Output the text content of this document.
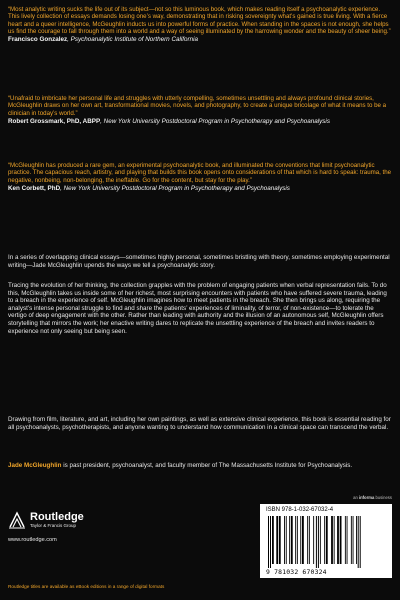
“Most analytic writing sucks the life out of its subject—not so this luminous book, which makes reading itself a psychoanalytic experience. This lively collection of essays demands losing one’s way, demonstrating that in risking sovereignty what’s gained is true living. With a fierce heart and a queer intelligence, McGeughlin inducts us into powerful forms of practice. When standing in the spaces is not enough, she helps us find the courage to fall through them into a world and a way of seeing illuminated by the harrowing wonder and the beauty of sheer being.”

Francisco Gonzalez, Psychoanalytic Institute of Northern California

“Unafraid to imbricate her personal life and struggles with utterly compelling, sometimes unsettling and always profound clinical stories, McGleughlin draws on her own art, transformational movies, novels, and photography, to create a unique bricolage of what it means to be a clinician in today’s world.”

Robert Grossmark, PhD, ABPP, New York University Postdoctoral Program in Psychotherapy and Psychoanalysis

“McGleughlin has produced a rare gem, an experimental psychoanalytic book, and illuminated the conventions that limit psychoanalytic practice. The capacious reach, artistry, and playing that builds this book opens onto considerations of that which is hard to speak: trauma, the negative, nonbeing, non-belonging, the ineffable. Go for the content, but stay for the play.”

Ken Corbett, PhD, New York University Postdoctoral Program in Psychotherapy and Psychoanalysis

In a series of overlapping clinical essays—sometimes highly personal, sometimes bristling with theory, sometimes employing experimental writing—Jade McGleughlin upends the ways we tell a psychoanalytic story.

Tracing the evolution of her thinking, the collection grapples with the problem of engaging patients when verbal representation fails. To do this, McGleughlin takes us inside some of her richest, most surprising encounters with patients who have suffered severe trauma, leading to a breach in the experience of self. McGleughlin imagines how to meet patients in the breach. She then brings us along, requiring the analyst’s intense personal struggle to find and share the patients’ experiences of liminality, of terror, of non-existence—to tolerate the vertigo of deep engagement with the other. Rather than leading with authority and the illusion of an autonomous self, McGleughlin offers storytelling that mirrors the work; her enactive writing dares to replicate the unsettling experience of the breach and invites readers to experience not only seeing but being seen.

Drawing from film, literature, and art, including her own paintings, as well as extensive clinical experience, this book is essential reading for all psychoanalysts, psychotherapists, and anyone wanting to understand how communication in a clinical space can transcend the verbal.

Jade McGleughlin is past president, psychoanalyst, and faculty member of The Massachusetts Institute for Psychoanalysis.
an informa business
Routledge
Taylor & Francis Group
www.routledge.com
ISBN 978-1-032-67032-4
9 781032 670324
Routledge titles are available as eBook editions in a range of digital formats
